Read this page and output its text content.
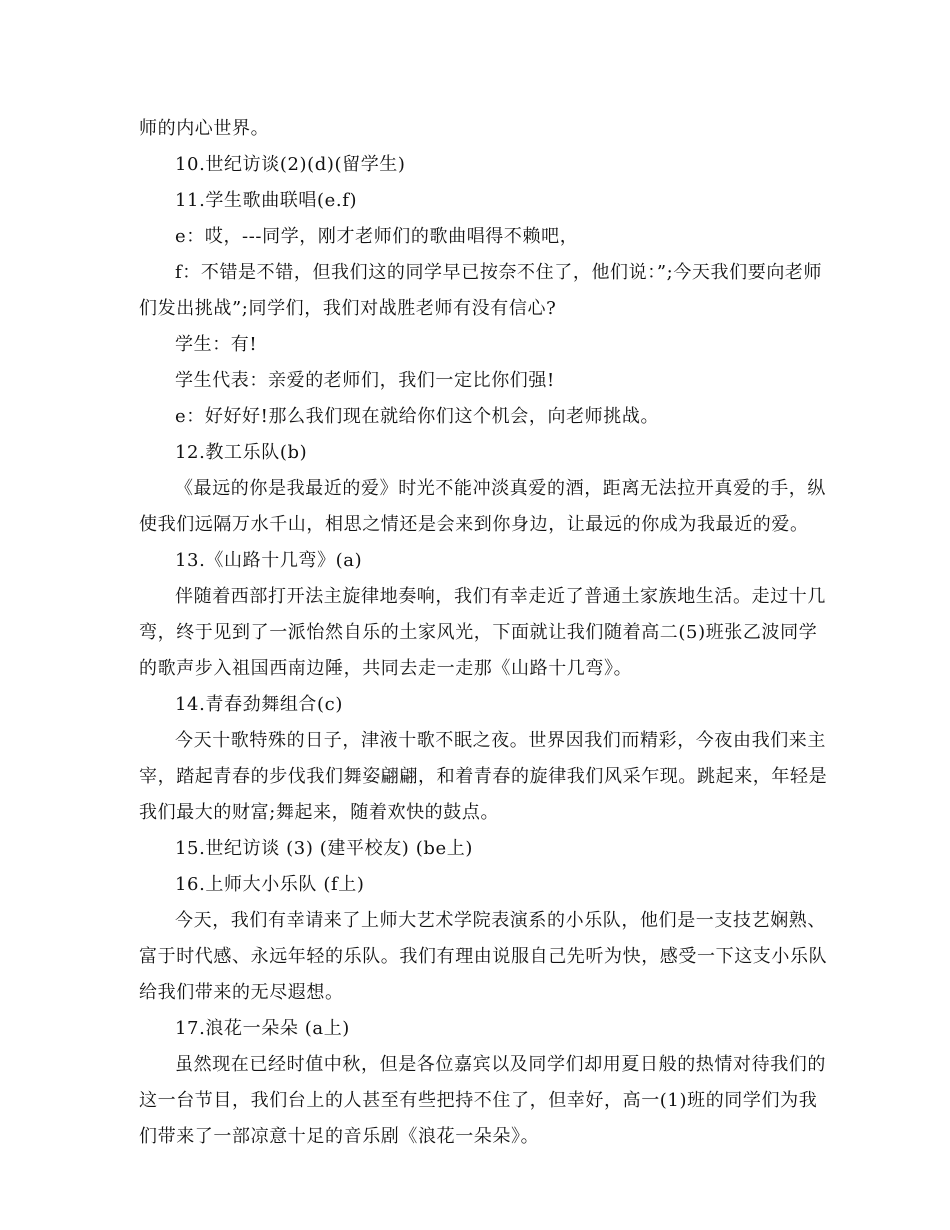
师的内心世界。

10.世纪访谈(2)(d)(留学生)

11.学生歌曲联唱(e.f)

e：哎，---同学，刚才老师们的歌曲唱得不赖吧，

f：不错是不错，但我们这的同学早已按奈不住了，他们说：”;今天我们要向老师们发出挑战”;同学们，我们对战胜老师有没有信心?

学生：有!

学生代表：亲爱的老师们，我们一定比你们强!

e：好好好!那么我们现在就给你们这个机会，向老师挑战。

12.教工乐队(b)

《最远的你是我最近的爱》时光不能冲淡真爱的酒，距离无法拉开真爱的手，纵使我们远隔万水千山，相思之情还是会来到你身边，让最远的你成为我最近的爱。

13.《山路十几弯》(a)

伴随着西部打开法主旋律地奏响，我们有幸走近了普通土家族地生活。走过十几弯，终于见到了一派怡然自乐的土家风光，下面就让我们随着高二(5)班张乙波同学的歌声步入祖国西南边陲，共同去走一走那《山路十几弯》。

14.青春劲舞组合(c)

今天十歌特殊的日子，津液十歌不眠之夜。世界因我们而精彩，今夜由我们来主宰，踏起青春的步伐我们舞姿翩翩，和着青春的旋律我们风采乍现。跳起来，年轻是我们最大的财富;舞起来，随着欢快的鼓点。

15.世纪访谈 (3) (建平校友) (be上)

16.上师大小乐队 (f上)

今天，我们有幸请来了上师大艺术学院表演系的小乐队，他们是一支技艺娴熟、富于时代感、永远年轻的乐队。我们有理由说服自己先听为快，感受一下这支小乐队给我们带来的无尽遐想。

17.浪花一朵朵 (a上)

虽然现在已经时值中秋，但是各位嘉宾以及同学们却用夏日般的热情对待我们的这一台节目，我们台上的人甚至有些把持不住了，但幸好，高一(1)班的同学们为我们带来了一部凉意十足的音乐剧《浪花一朵朵》。
